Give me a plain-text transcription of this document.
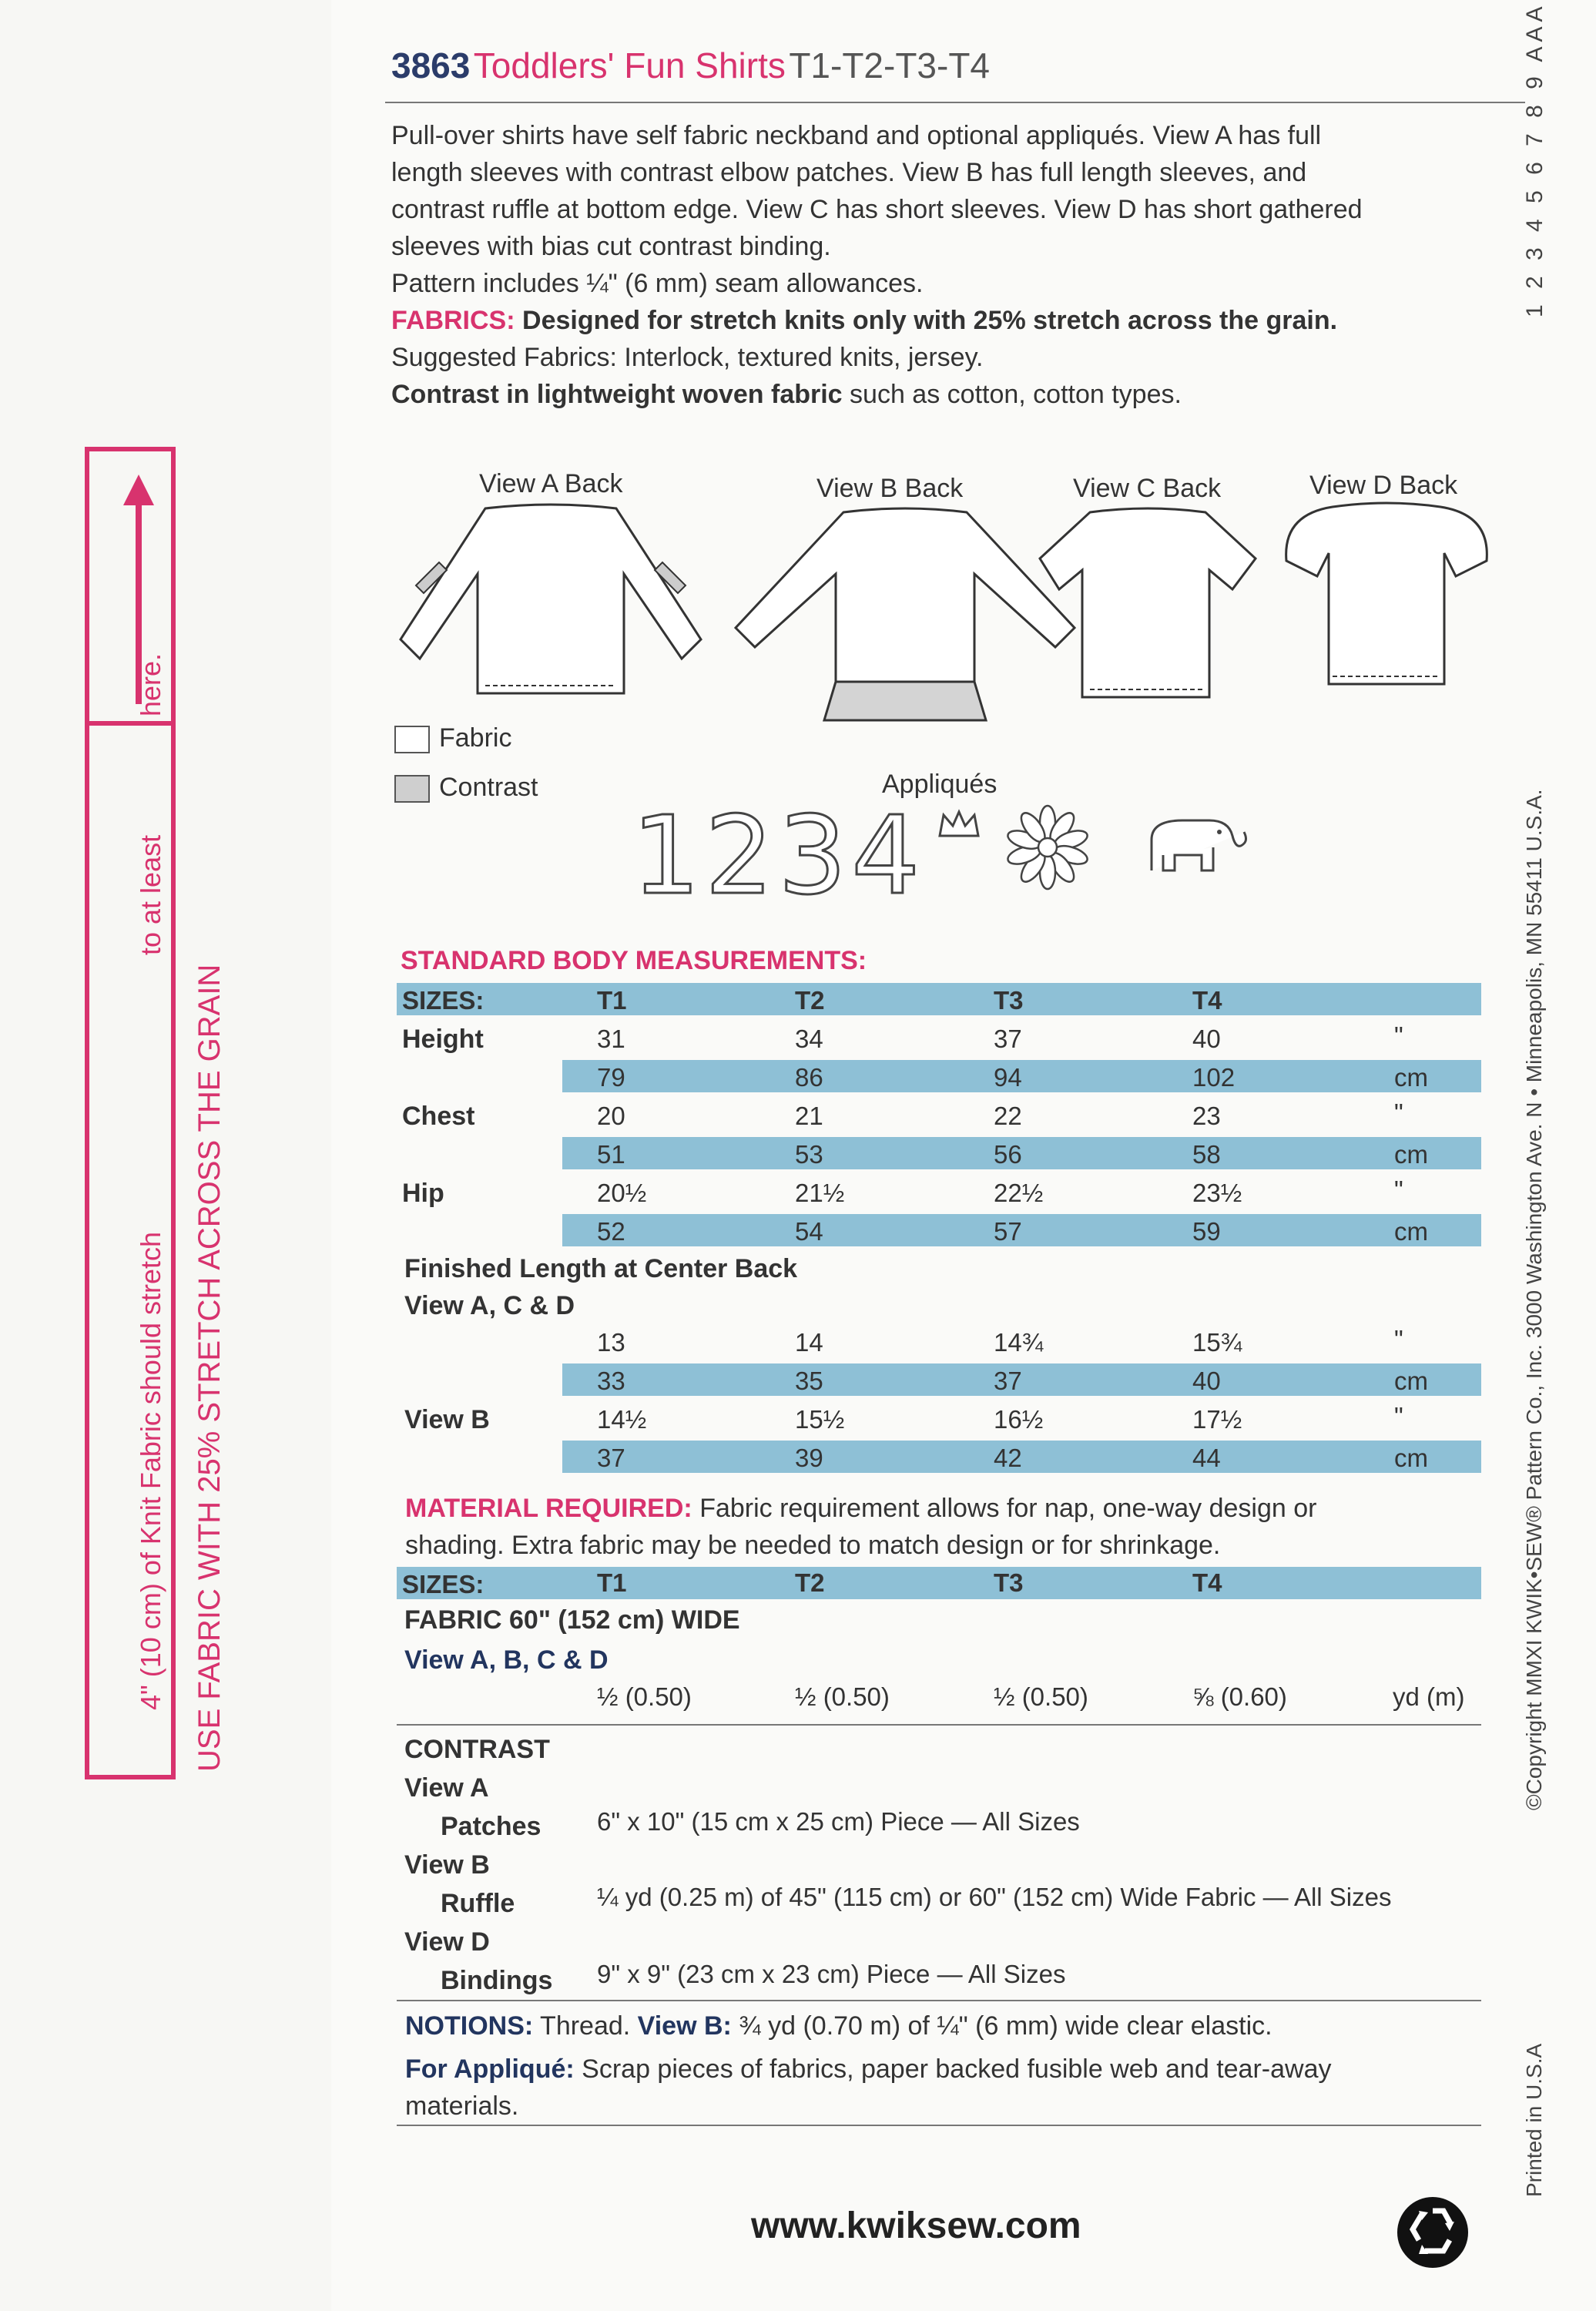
here.
to at least
4" (10 cm) of Knit Fabric should stretch USE FABRIC WITH 25% STRETCH ACROSS THE GRAIN
3863 Toddlers' Fun Shirts T1-T2-T3-T4
Pull-over shirts have self fabric neckband and optional appliqués. View A has full
length sleeves with contrast elbow patches. View B has full length sleeves, and
contrast ruffle at bottom edge. View C has short sleeves. View D has short gathered
sleeves with bias cut contrast binding.
Pattern includes ¼" (6 mm) seam allowances.
FABRICS: Designed for stretch knits only with 25% stretch across the grain.
Suggested Fabrics: Interlock, textured knits, jersey.
Contrast in lightweight woven fabric such as cotton, cotton types.
View A Back	View B Back	View C Back	View D Back
Fabric
Contrast	Appliqués
1234
STANDARD BODY MEASUREMENTS:
SIZES:	T1	T2	T3	T4
Height	31	34	37	40	"
79	86	94	102	cm
Chest	20	21	22	23	"
51	53	56	58	cm
Hip	20½	21½	22½	23½	"
52	54	57	59	cm
Finished Length at Center Back
View A, C & D
13	14	14¾	15¾	"
33	35	37	40	cm
View B	14½	15½	16½	17½	"
37	39	42	44	cm
MATERIAL REQUIRED: Fabric requirement allows for nap, one-way design or
shading. Extra fabric may be needed to match design or for shrinkage.
SIZES:	T1	T2	T3	T4
FABRIC 60" (152 cm) WIDE
View A, B, C & D
½ (0.50)	½ (0.50)	½ (0.50)	⅝ (0.60)	yd (m)
CONTRAST
View A
Patches 6" x 10" (15 cm x 25 cm) Piece — All Sizes
View B
Ruffle	¼ yd (0.25 m) of 45" (115 cm) or 60" (152 cm) Wide Fabric — All Sizes
View D
Bindings 9" x 9" (23 cm x 23 cm) Piece — All Sizes
NOTIONS: Thread. View B: ¾ yd (0.70 m) of ¼" (6 mm) wide clear elastic.
For Appliqué: Scrap pieces of fabrics, paper backed fusible web and tear-away
materials.
www.kwiksew.com
1 2 3 4 5 6 7 8 9 AAA
©Copyright MMXI KWIK•SEW® Pattern Co., Inc. 3000 Washington Ave. N • Minneapolis, MN 55411 U.S.A.
Printed in U.S.A
